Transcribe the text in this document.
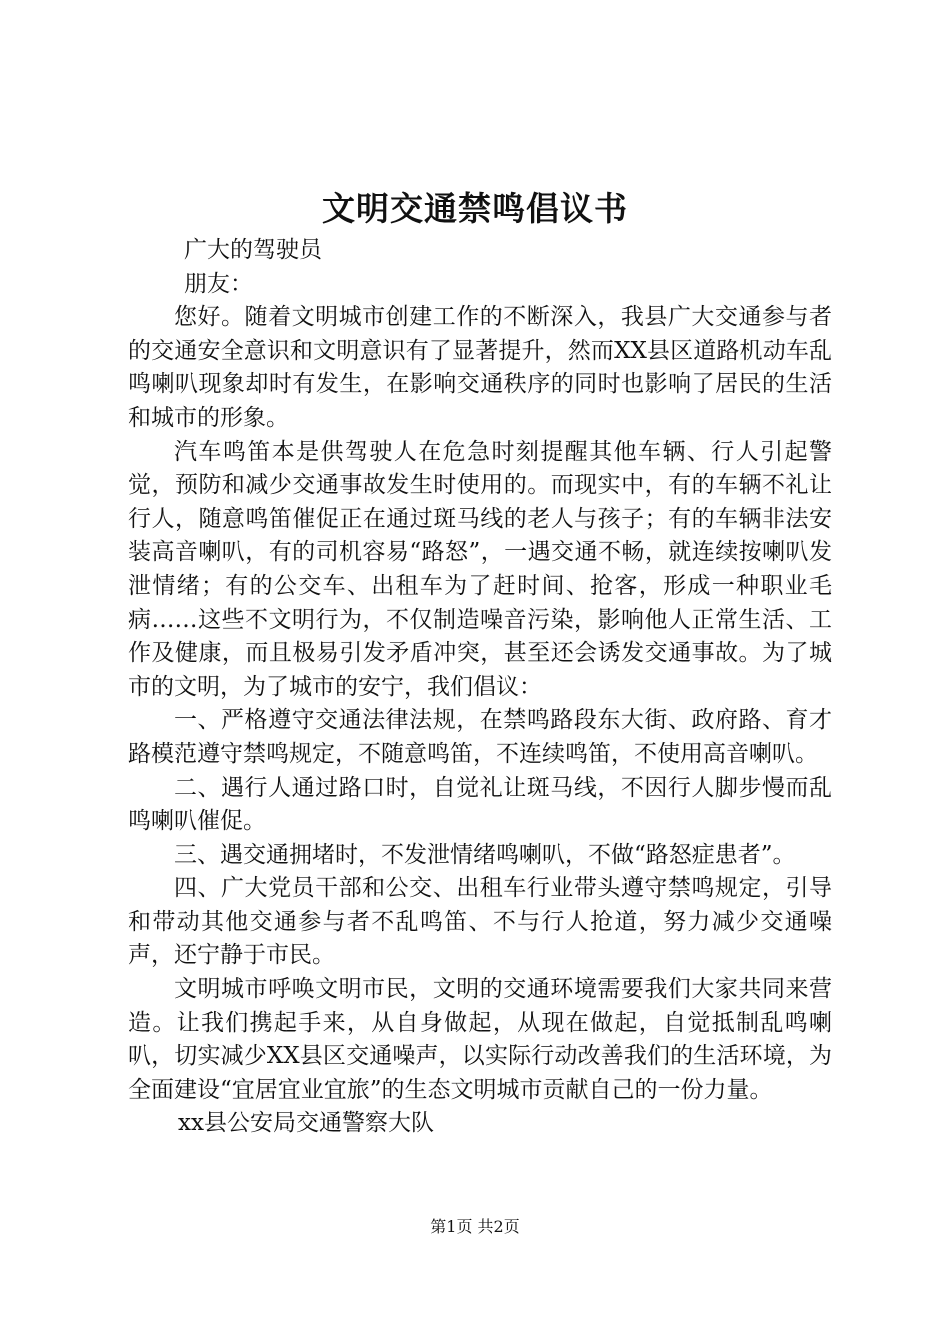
文明交通禁鸣倡议书

广大的驾驶员

朋友：

您好。随着文明城市创建工作的不断深入，我县广大交通参与者的交通安全意识和文明意识有了显著提升，然而XX县区道路机动车乱鸣喇叭现象却时有发生，在影响交通秩序的同时也影响了居民的生活和城市的形象。

汽车鸣笛本是供驾驶人在危急时刻提醒其他车辆、行人引起警觉，预防和减少交通事故发生时使用的。而现实中，有的车辆不礼让行人，随意鸣笛催促正在通过斑马线的老人与孩子；有的车辆非法安装高音喇叭，有的司机容易“路怒”，一遇交通不畅，就连续按喇叭发泄情绪；有的公交车、出租车为了赶时间、抢客，形成一种职业毛病……这些不文明行为，不仅制造噪音污染，影响他人正常生活、工作及健康，而且极易引发矛盾冲突，甚至还会诱发交通事故。为了城市的文明，为了城市的安宁，我们倡议：

一、严格遵守交通法律法规，在禁鸣路段东大街、政府路、育才路模范遵守禁鸣规定，不随意鸣笛，不连续鸣笛，不使用高音喇叭。

二、遇行人通过路口时，自觉礼让斑马线，不因行人脚步慢而乱鸣喇叭催促。

三、遇交通拥堵时，不发泄情绪鸣喇叭，不做“路怒症患者”。

四、广大党员干部和公交、出租车行业带头遵守禁鸣规定，引导和带动其他交通参与者不乱鸣笛、不与行人抢道，努力减少交通噪声，还宁静于市民。

文明城市呼唤文明市民，文明的交通环境需要我们大家共同来营造。让我们携起手来，从自身做起，从现在做起，自觉抵制乱鸣喇叭，切实减少XX县区交通噪声，以实际行动改善我们的生活环境，为全面建设“宜居宜业宜旅”的生态文明城市贡献自己的一份力量。

xx县公安局交通警察大队

第1页 共2页
